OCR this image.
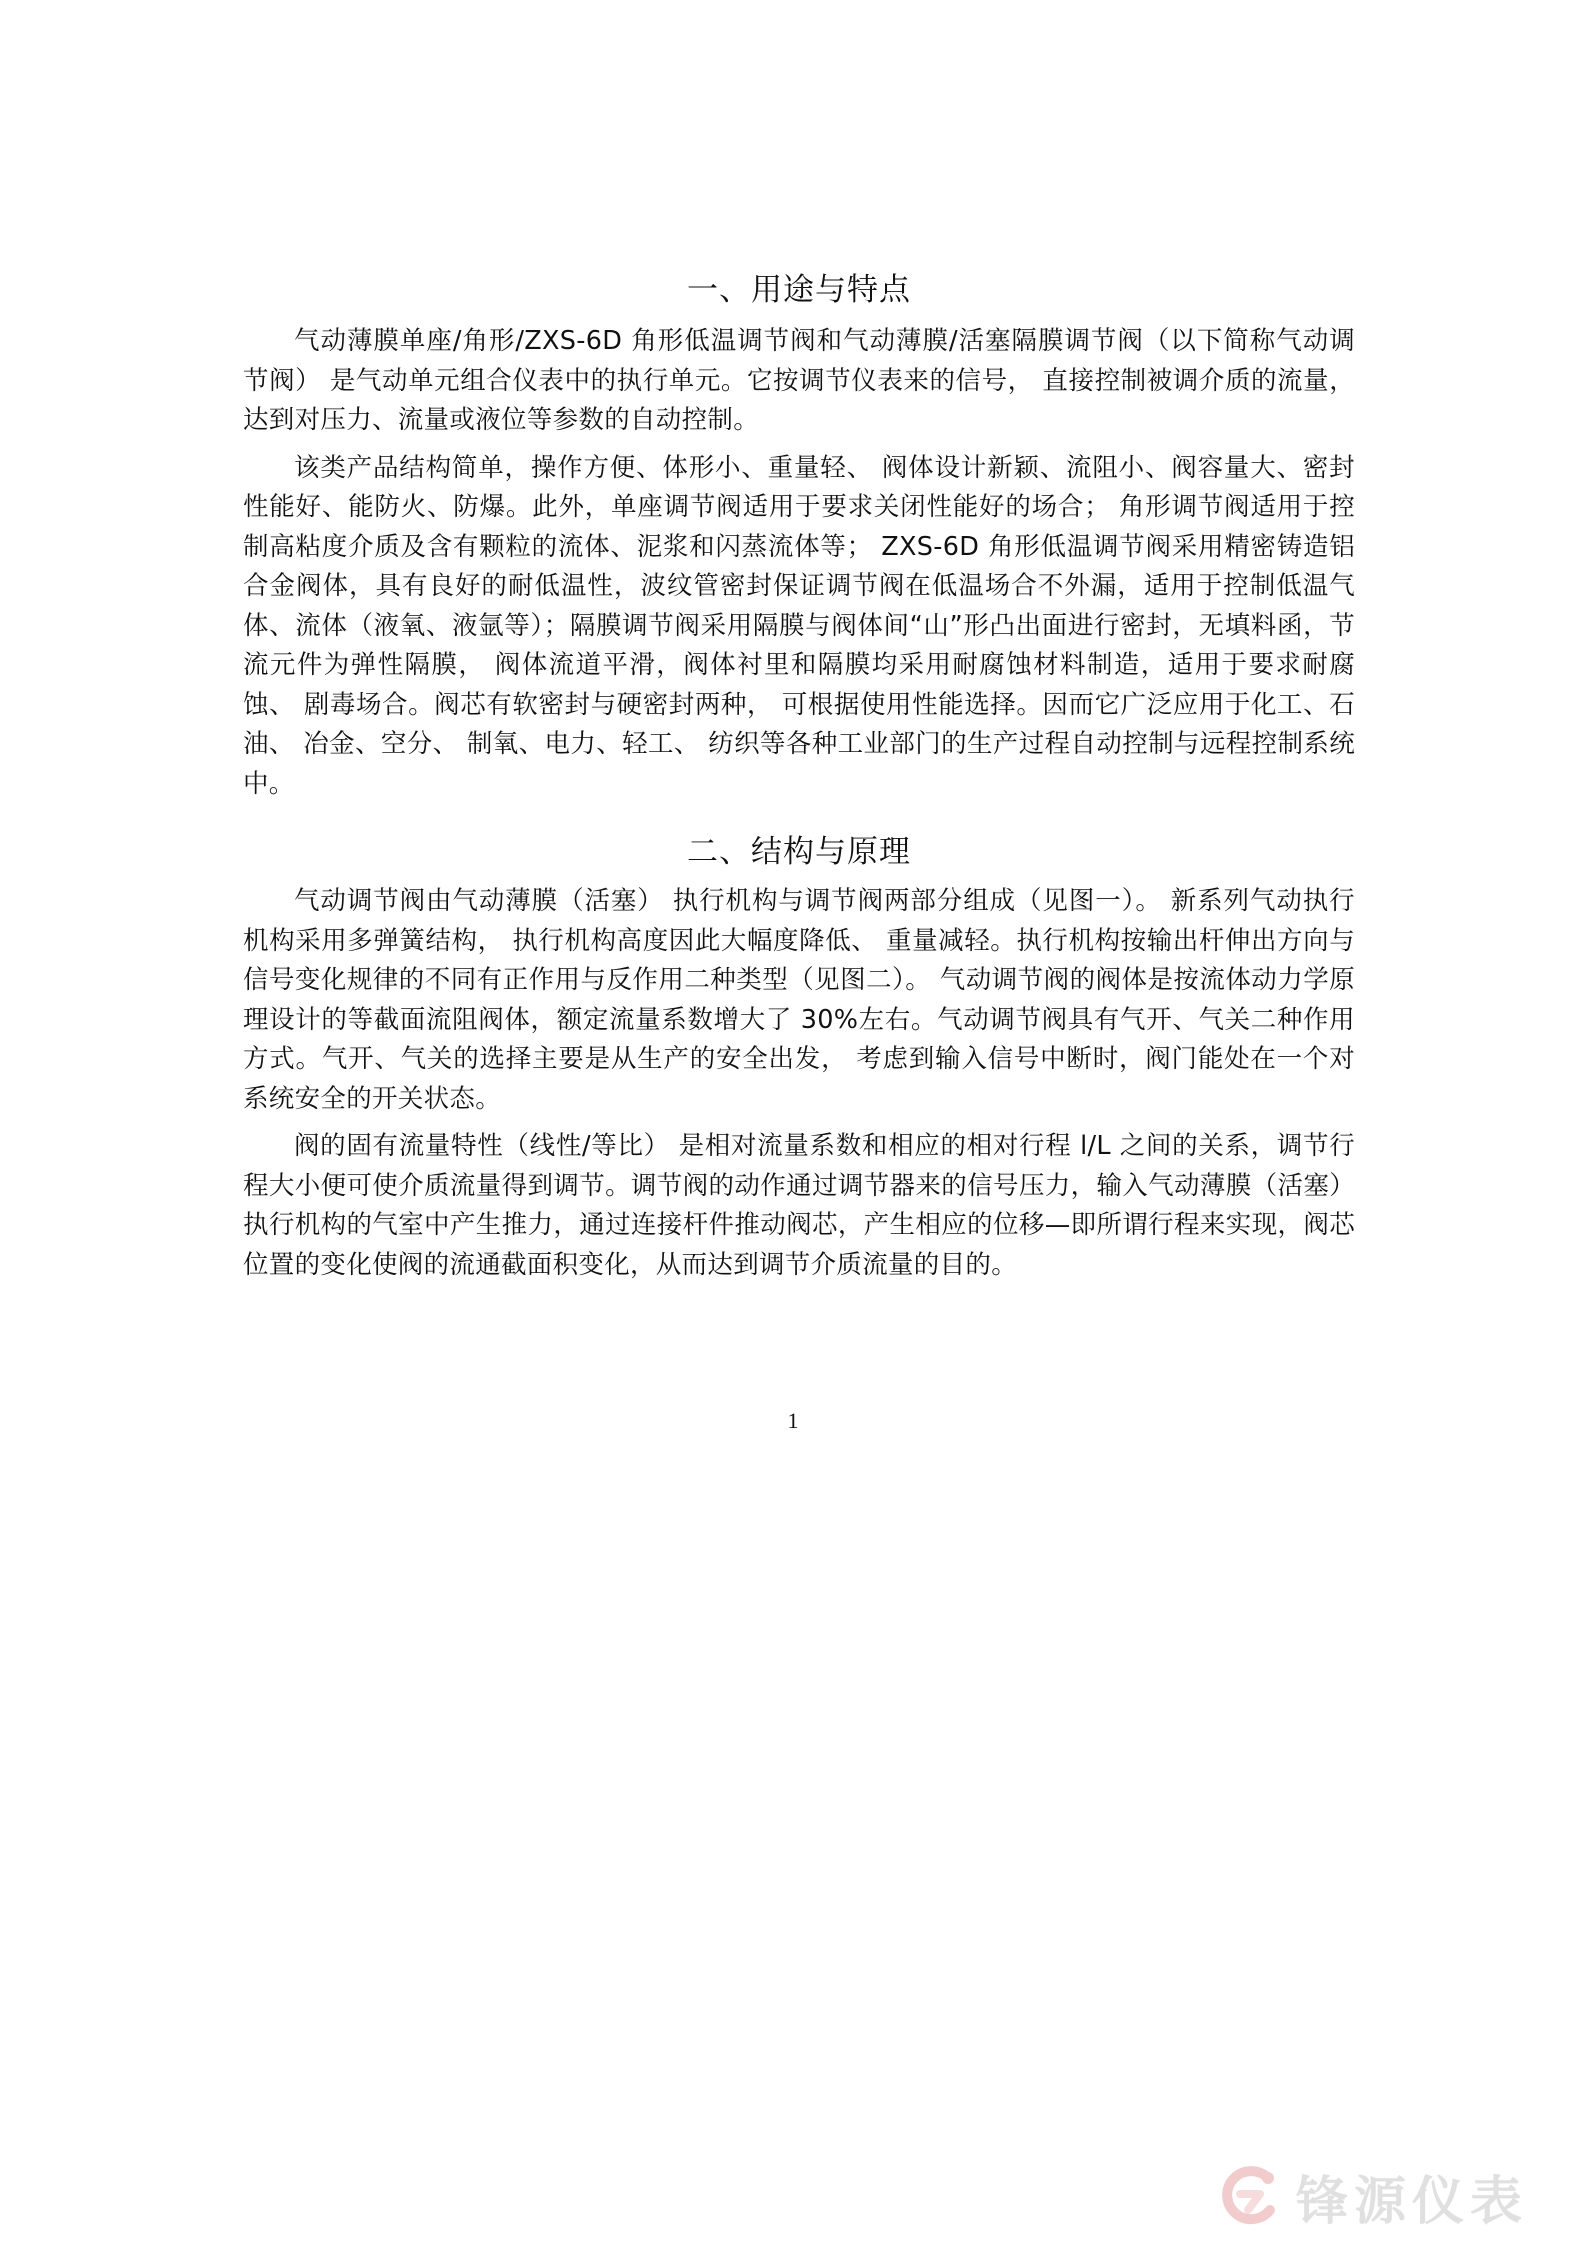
一、用途与特点

气动薄膜单座/角形/ZXS-6D 角形低温调节阀和气动薄膜/活塞隔膜调节阀（以下简称气动调节阀） 是气动单元组合仪表中的执行单元。它按调节仪表来的信号， 直接控制被调介质的流量，达到对压力、流量或液位等参数的自动控制。

该类产品结构简单，操作方便、体形小、重量轻、 阀体设计新颖、流阻小、阀容量大、密封性能好、能防火、防爆。此外，单座调节阀适用于要求关闭性能好的场合； 角形调节阀适用于控制高粘度介质及含有颗粒的流体、泥浆和闪蒸流体等； ZXS-6D 角形低温调节阀采用精密铸造铝合金阀体，具有良好的耐低温性，波纹管密封保证调节阀在低温场合不外漏，适用于控制低温气体、流体（液氧、液氩等）；隔膜调节阀采用隔膜与阀体间“山”形凸出面进行密封，无填料函，节流元件为弹性隔膜， 阀体流道平滑，阀体衬里和隔膜均采用耐腐蚀材料制造，适用于要求耐腐蚀、 剧毒场合。阀芯有软密封与硬密封两种， 可根据使用性能选择。因而它广泛应用于化工、石油、 冶金、空分、 制氧、电力、轻工、 纺织等各种工业部门的生产过程自动控制与远程控制系统中。

二、结构与原理

气动调节阀由气动薄膜（活塞） 执行机构与调节阀两部分组成（见图一）。 新系列气动执行机构采用多弹簧结构， 执行机构高度因此大幅度降低、 重量减轻。执行机构按输出杆伸出方向与信号变化规律的不同有正作用与反作用二种类型（见图二）。 气动调节阀的阀体是按流体动力学原理设计的等截面流阻阀体，额定流量系数增大了 30%左右。气动调节阀具有气开、气关二种作用方式。气开、气关的选择主要是从生产的安全出发， 考虑到输入信号中断时，阀门能处在一个对系统安全的开关状态。

阀的固有流量特性（线性/等比） 是相对流量系数和相应的相对行程 l/L 之间的关系，调节行程大小便可使介质流量得到调节。调节阀的动作通过调节器来的信号压力，输入气动薄膜（活塞） 执行机构的气室中产生推力，通过连接杆件推动阀芯，产生相应的位移—即所谓行程来实现，阀芯位置的变化使阀的流通截面积变化，从而达到调节介质流量的目的。

1
锋源仪表
